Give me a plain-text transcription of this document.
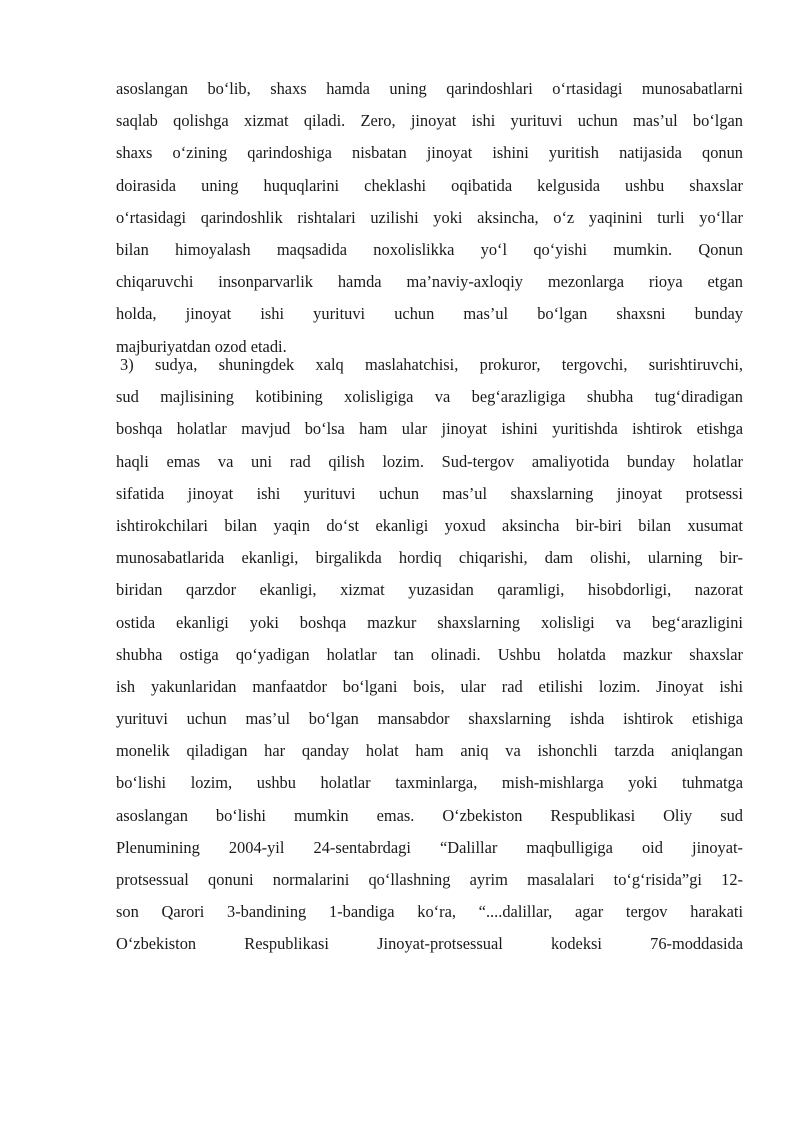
asoslangan bo‘lib, shaxs hamda uning qarindoshlari o‘rtasidagi munosabatlarni
saqlab qolishga xizmat qiladi. Zero, jinoyat ishi yurituvi uchun mas’ul bo‘lgan
shaxs o‘zining qarindoshiga nisbatan jinoyat ishini yuritish natijasida qonun
doirasida uning huquqlarini cheklashi oqibatida kelgusida ushbu shaxslar
o‘rtasidagi qarindoshlik rishtalari uzilishi yoki aksincha, o‘z yaqinini turli yo‘llar
bilan himoyalash maqsadida noxolislikka yo‘l qo‘yishi mumkin. Qonun
chiqaruvchi insonparvarlik hamda ma’naviy-axloqiy mezonlarga rioya etgan
holda, jinoyat ishi yurituvi uchun mas’ul bo‘lgan shaxsni bunday
majburiyatdan ozod etadi.
3) sudya, shuningdek xalq maslahatchisi, prokuror, tergovchi, surishtiruvchi,
sud majlisining kotibining xolisligiga va beg‘arazligiga shubha tug‘diradigan
boshqa holatlar mavjud bo‘lsa ham ular jinoyat ishini yuritishda ishtirok etishga
haqli emas va uni rad qilish lozim. Sud-tergov amaliyotida bunday holatlar
sifatida jinoyat ishi yurituvi uchun mas’ul shaxslarning jinoyat protsessi
ishtirokchilari bilan yaqin do‘st ekanligi yoxud aksincha bir-biri bilan xusumat
munosabatlarida ekanligi, birgalikda hordiq chiqarishi, dam olishi, ularning bir-
biridan qarzdor ekanligi, xizmat yuzasidan qaramligi, hisobdorligi, nazorat
ostida ekanligi yoki boshqa mazkur shaxslarning xolisligi va beg‘arazligini
shubha ostiga qo‘yadigan holatlar tan olinadi. Ushbu holatda mazkur shaxslar
ish yakunlaridan manfaatdor bo‘lgani bois, ular rad etilishi lozim. Jinoyat ishi
yurituvi uchun mas’ul bo‘lgan mansabdor shaxslarning ishda ishtirok etishiga
monelik qiladigan har qanday holat ham aniq va ishonchli tarzda aniqlangan
bo‘lishi lozim, ushbu holatlar taxminlarga, mish-mishlarga yoki tuhmatga
asoslangan bo‘lishi mumkin emas. O‘zbekiston Respublikasi Oliy sud
Plenumining 2004-yil 24-sentabrdagi “Dalillar maqbulligiga oid jinoyat-
protsessual qonuni normalarini qo‘llashning ayrim masalalari to‘g‘risida”gi 12-
son Qarori 3-bandining 1-bandiga ko‘ra, “....dalillar, agar tergov harakati
O‘zbekiston Respublikasi Jinoyat-protsessual kodeksi 76-moddasida
